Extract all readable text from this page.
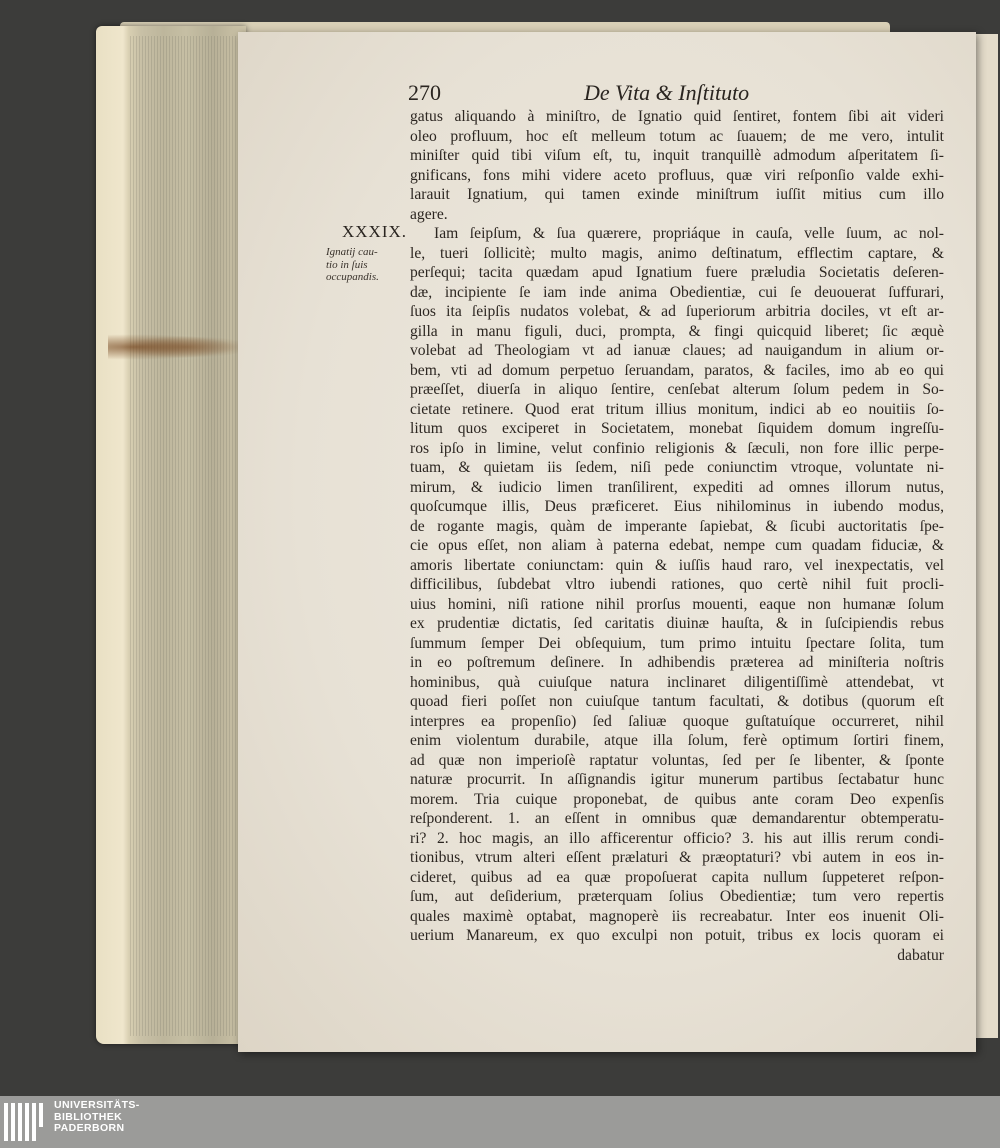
270	De Vita & Inſtituto
XXXIX.
Ignatij cau-
tio in ſuis
occupandis.
gatus aliquando à miniſtro, de Ignatio quid ſentiret, fontem ſibi ait videri
oleo profluum, hoc eſt melleum totum ac ſuauem; de me vero, intulit
miniſter quid tibi viſum eſt, tu, inquit tranquillè admodum aſperitatem ſi-
gnificans, fons mihi videre aceto profluus, quæ viri reſponſio valde exhi-
larauit Ignatium, qui tamen exinde miniſtrum iuſſit mitius cum illo
agere.
Iam ſeipſum, & ſua quærere, propriáque in cauſa, velle ſuum, ac nol-
le, tueri ſollicitè; multo magis, animo deſtinatum, efflectim captare, &
perſequi; tacita quædam apud Ignatium fuere præludia Societatis deſeren-
dæ, incipiente ſe iam inde anima Obedientiæ, cui ſe deuouerat ſuffurari,
ſuos ita ſeipſis nudatos volebat, & ad ſuperiorum arbitria dociles, vt eſt ar-
gilla in manu figuli, duci, prompta, & fingi quicquid liberet; ſic æquè
volebat ad Theologiam vt ad ianuæ claues; ad nauigandum in alium or-
bem, vti ad domum perpetuo ſeruandam, paratos, & faciles, imo ab eo qui
præeſſet, diuerſa in aliquo ſentire, cenſebat alterum ſolum pedem in So-
cietate retinere. Quod erat tritum illius monitum, indici ab eo nouitiis ſo-
litum quos exciperet in Societatem, monebat ſiquidem domum ingreſſu-
ros ipſo in limine, velut confinio religionis & ſæculi, non fore illic perpe-
tuam, & quietam iis ſedem, niſi pede coniunctim vtroque, voluntate ni-
mirum, & iudicio limen tranſilirent, expediti ad omnes illorum nutus,
quoſcumque illis, Deus præficeret. Eius nihilominus in iubendo modus,
de rogante magis, quàm de imperante ſapiebat, & ſicubi auctoritatis ſpe-
cie opus eſſet, non aliam à paterna edebat, nempe cum quadam fiduciæ, &
amoris libertate coniunctam: quin & iuſſis haud raro, vel inexpectatis, vel
difficilibus, ſubdebat vltro iubendi rationes, quo certè nihil fuit procli-
uius homini, niſi ratione nihil prorſus mouenti, eaque non humanæ ſolum
ex prudentiæ dictatis, ſed caritatis diuinæ hauſta, & in ſuſcipiendis rebus
ſummum ſemper Dei obſequium, tum primo intuitu ſpectare ſolita, tum
in eo poſtremum deſinere. In adhibendis præterea ad miniſteria noſtris
hominibus, quà cuiuſque natura inclinaret diligentiſſimè attendebat, vt
quoad fieri poſſet non cuiuſque tantum facultati, & dotibus (quorum eſt
interpres ea propenſio) ſed ſaliuæ quoque guſtatuíque occurreret, nihil
enim violentum durabile, atque illa ſolum, ferè optimum ſortiri finem,
ad quæ non imperioſè raptatur voluntas, ſed per ſe libenter, & ſponte
naturæ procurrit. In aſſignandis igitur munerum partibus ſectabatur hunc
morem. Tria cuique proponebat, de quibus ante coram Deo expenſis
reſponderent. 1. an eſſent in omnibus quæ demandarentur obtemperatu-
ri? 2. hoc magis, an illo afficerentur officio? 3. his aut illis rerum condi-
tionibus, vtrum alteri eſſent prælaturi & præoptaturi? vbi autem in eos in-
cideret, quibus ad ea quæ propoſuerat capita nullum ſuppeteret reſpon-
ſum, aut deſiderium, præterquam ſolius Obedientiæ; tum vero repertis
quales maximè optabat, magnoperè iis recreabatur. Inter eos inuenit Oli-
uerium Manareum, ex quo exculpi non potuit, tribus ex locis quoram ei
dabatur
UNIVERSITÄTS-
BIBLIOTHEK
PADERBORN
